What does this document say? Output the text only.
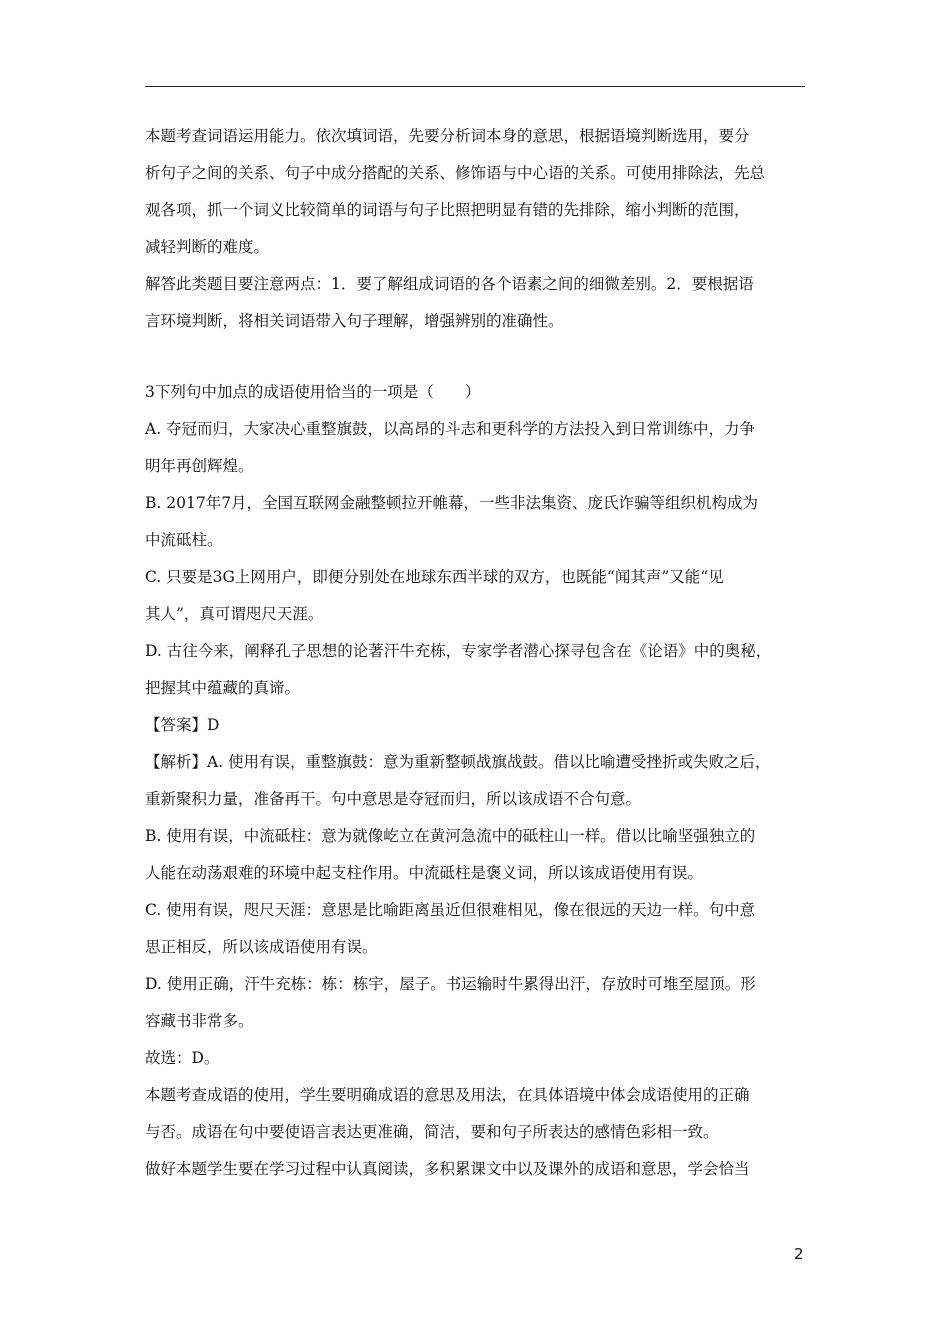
本题考查词语运用能力。依次填词语，先要分析词本身的意思，根据语境判断选用，要分
析句子之间的关系、句子中成分搭配的关系、修饰语与中心语的关系。可使用排除法，先总
观各项，抓一个词义比较简单的词语与句子比照把明显有错的先排除，缩小判断的范围，
减轻判断的难度。

解答此类题目要注意两点：1．要了解组成词语的各个语素之间的细微差别。2．要根据语
言环境判断，将相关词语带入句子理解，增强辨别的准确性。

3下列句中加点的成语使用恰当的一项是（　　）

A. 夺冠而归，大家决心重整旗鼓，以高昂的斗志和更科学的方法投入到日常训练中，力争
明年再创辉煌。

B. 2017年7月，全国互联网金融整顿拉开帷幕，一些非法集资、庞氏诈骗等组织机构成为
中流砥柱。

C. 只要是3G上网用户，即便分别处在地球东西半球的双方，也既能“闻其声”又能“见
其人”，真可谓咫尺天涯。

D. 古往今来，阐释孔子思想的论著汗牛充栋，专家学者潜心探寻包含在《论语》中的奥秘，
把握其中蕴藏的真谛。

【答案】D

【解析】A. 使用有误，重整旗鼓：意为重新整顿战旗战鼓。借以比喻遭受挫折或失败之后，
重新聚积力量，准备再干。句中意思是夺冠而归，所以该成语不合句意。

B. 使用有误，中流砥柱：意为就像屹立在黄河急流中的砥柱山一样。借以比喻坚强独立的
人能在动荡艰难的环境中起支柱作用。中流砥柱是褒义词，所以该成语使用有误。

C. 使用有误，咫尺天涯：意思是比喻距离虽近但很难相见，像在很远的天边一样。句中意
思正相反，所以该成语使用有误。

D. 使用正确，汗牛充栋：栋：栋宇，屋子。书运输时牛累得出汗，存放时可堆至屋顶。形
容藏书非常多。

故选：D。

本题考查成语的使用，学生要明确成语的意思及用法，在具体语境中体会成语使用的正确
与否。成语在句中要使语言表达更准确，简洁，要和句子所表达的感情色彩相一致。

做好本题学生要在学习过程中认真阅读，多积累课文中以及课外的成语和意思，学会恰当

2
